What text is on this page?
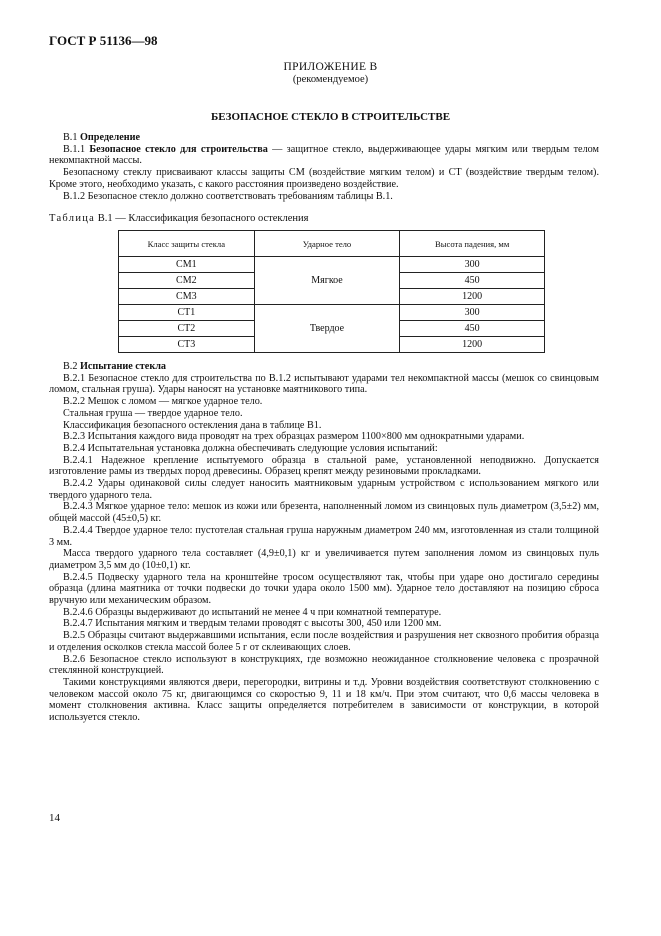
ГОСТ Р 51136—98
ПРИЛОЖЕНИЕ В
(рекомендуемое)
БЕЗОПАСНОЕ СТЕКЛО В СТРОИТЕЛЬСТВЕ

В.1 Определение

В.1.1 Безопасное стекло для строительства — защитное стекло, выдерживающее удары мягким или твердым телом некомпактной массы.

Безопасному стеклу присваивают классы защиты СМ (воздействие мягким телом) и СТ (воздействие твердым телом). Кроме этого, необходимо указать, с какого расстояния произведено воздействие.

В.1.2 Безопасное стекло должно соответствовать требованиям таблицы В.1.

Таблица В.1 — Классификация безопасного остекления
Класс защиты стекла	Ударное тело	Высота падения, мм
СМ1	Мягкое	300
СМ2		450
СМ3		1200
СТ1	Твердое	300
СТ2		450
СТ3		1200

В.2 Испытание стекла

В.2.1 Безопасное стекло для строительства по В.1.2 испытывают ударами тел некомпактной массы (мешок со свинцовым ломом, стальная груша). Удары наносят на установке маятникового типа.

В.2.2 Мешок с ломом — мягкое ударное тело.

Стальная груша — твердое ударное тело.

Классификация безопасного остекления дана в таблице В1.

В.2.3 Испытания каждого вида проводят на трех образцах размером 1100×800 мм однократными ударами.

В.2.4 Испытательная установка должна обеспечивать следующие условия испытаний:

В.2.4.1 Надежное крепление испытуемого образца в стальной раме, установленной неподвижно. Допускается изготовление рамы из твердых пород древесины. Образец крепят между резиновыми прокладками.

В.2.4.2 Удары одинаковой силы следует наносить маятниковым ударным устройством с использованием мягкого или твердого ударного тела.

В.2.4.3 Мягкое ударное тело: мешок из кожи или брезента, наполненный ломом из свинцовых пуль диаметром (3,5±2) мм, общей массой (45±0,5) кг.

В.2.4.4 Твердое ударное тело: пустотелая стальная груша наружным диаметром 240 мм, изготовленная из стали толщиной 3 мм.

Масса твердого ударного тела составляет (4,9±0,1) кг и увеличивается путем заполнения ломом из свинцовых пуль диаметром 3,5 мм до (10±0,1) кг.

В.2.4.5 Подвеску ударного тела на кронштейне тросом осуществляют так, чтобы при ударе оно достигало середины образца (длина маятника от точки подвески до точки удара около 1500 мм). Ударное тело доставляют на позицию сброса вручную или механическим образом.

В.2.4.6 Образцы выдерживают до испытаний не менее 4 ч при комнатной температуре.

В.2.4.7 Испытания мягким и твердым телами проводят с высоты 300, 450 или 1200 мм.

В.2.5 Образцы считают выдержавшими испытания, если после воздействия и разрушения нет сквозного пробития образца и отделения осколков стекла массой более 5 г от склеивающих слоев.

В.2.6 Безопасное стекло используют в конструкциях, где возможно неожиданное столкновение человека с прозрачной стеклянной конструкцией.

Такими конструкциями являются двери, перегородки, витрины и т.д. Уровни воздействия соответствуют столкновению с человеком массой около 75 кг, двигающимся со скоростью 9, 11 и 18 км/ч. При этом считают, что 0,6 массы человека в момент столкновения активна. Класс защиты определяется потребителем в зависимости от конструкции, в которой используется стекло.

14
